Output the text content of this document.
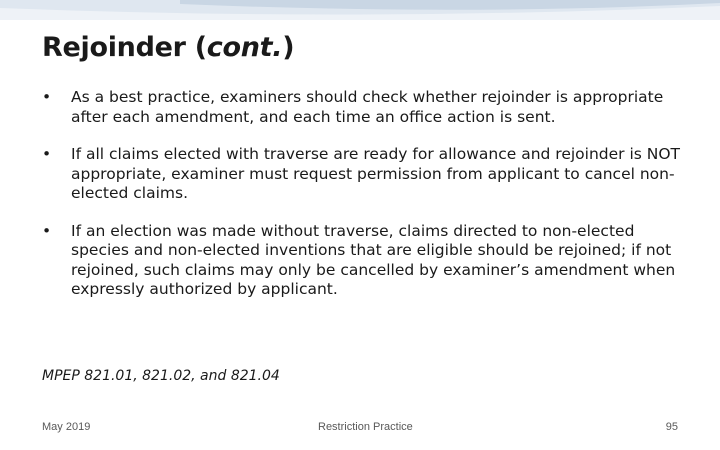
Rejoinder (cont.)
•	As a best practice, examiners should check whether rejoinder is appropriate after each amendment, and each time an office action is sent.
•	If all claims elected with traverse are ready for allowance and rejoinder is NOT appropriate, examiner must request permission from applicant to cancel non-elected claims.
•	If an election was made without traverse, claims directed to non-elected species and non-elected inventions that are eligible should be rejoined; if not rejoined, such claims may only be cancelled by examiner’s amendment when expressly authorized by applicant.
MPEP 821.01, 821.02, and 821.04
May 2019	Restriction Practice	95
